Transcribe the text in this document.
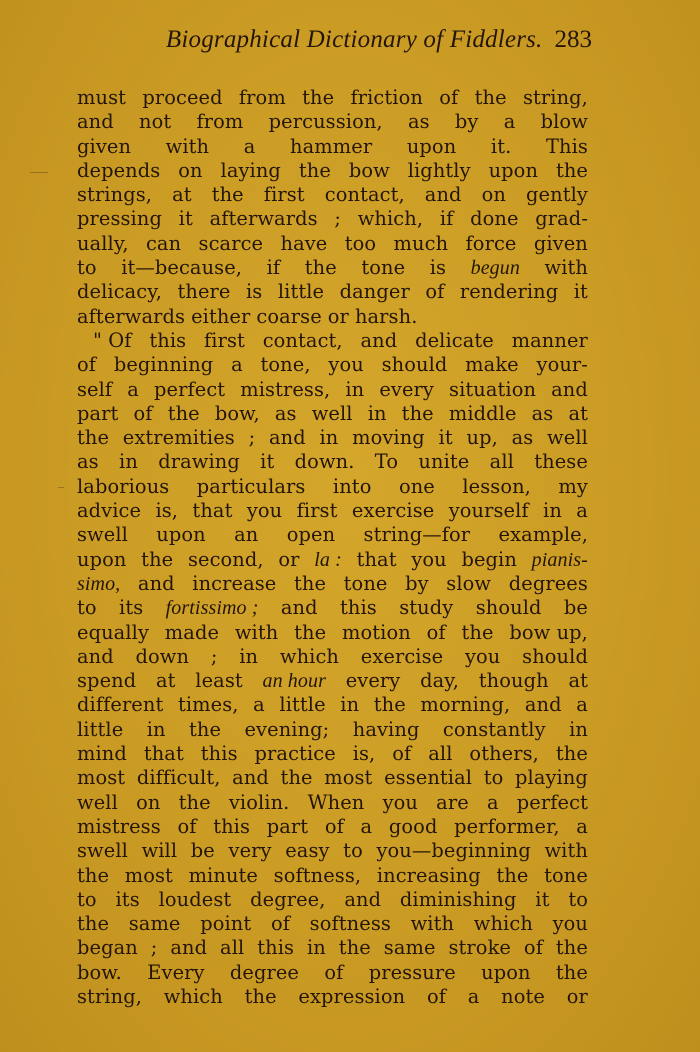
Biographical Dictionary of Fiddlers. 283
must proceed from the friction of the string,
and not from percussion, as by a blow
given with a hammer upon it. This
depends on laying the bow lightly upon the
strings, at the first contact, and on gently
pressing it afterwards ; which, if done grad-
ually, can scarce have too much force given
to it—because, if the tone is begun with
delicacy, there is little danger of rendering it
afterwards either coarse or harsh.
" Of this first contact, and delicate manner
of beginning a tone, you should make your-
self a perfect mistress, in every situation and
part of the bow, as well in the middle as at
the extremities ; and in moving it up, as well
as in drawing it down. To unite all these
laborious particulars into one lesson, my
advice is, that you first exercise yourself in a
swell upon an open string—for example,
upon the second, or la : that you begin pianis-
simo, and increase the tone by slow degrees
to its fortissimo ; and this study should be
equally made with the motion of the bow up,
and down ; in which exercise you should
spend at least an hour every day, though at
different times, a little in the morning, and a
little in the evening; having constantly in
mind that this practice is, of all others, the
most difficult, and the most essential to playing
well on the violin. When you are a perfect
mistress of this part of a good performer, a
swell will be very easy to you—beginning with
the most minute softness, increasing the tone
to its loudest degree, and diminishing it to
the same point of softness with which you
began ; and all this in the same stroke of the
bow. Every degree of pressure upon the
string, which the expression of a note or
